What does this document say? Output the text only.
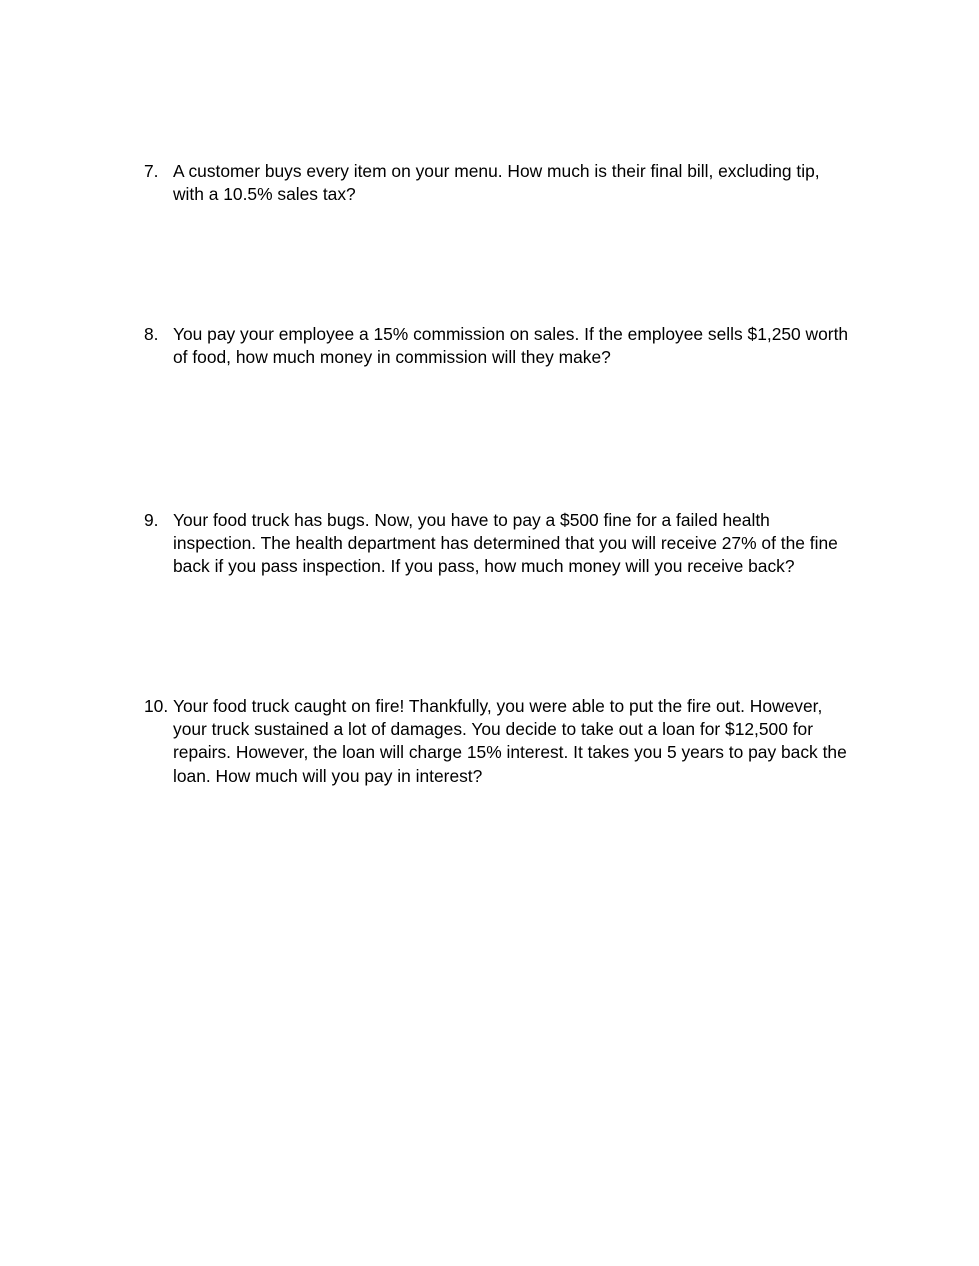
7. A customer buys every item on your menu. How much is their final bill, excluding tip,
with a 10.5% sales tax?
8. You pay your employee a 15% commission on sales. If the employee sells $1,250 worth
of food, how much money in commission will they make?
9. Your food truck has bugs. Now, you have to pay a $500 fine for a failed health
inspection. The health department has determined that you will receive 27% of the fine
back if you pass inspection. If you pass, how much money will you receive back?
10. Your food truck caught on fire! Thankfully, you were able to put the fire out. However,
your truck sustained a lot of damages. You decide to take out a loan for $12,500 for
repairs. However, the loan will charge 15% interest. It takes you 5 years to pay back the
loan. How much will you pay in interest?
